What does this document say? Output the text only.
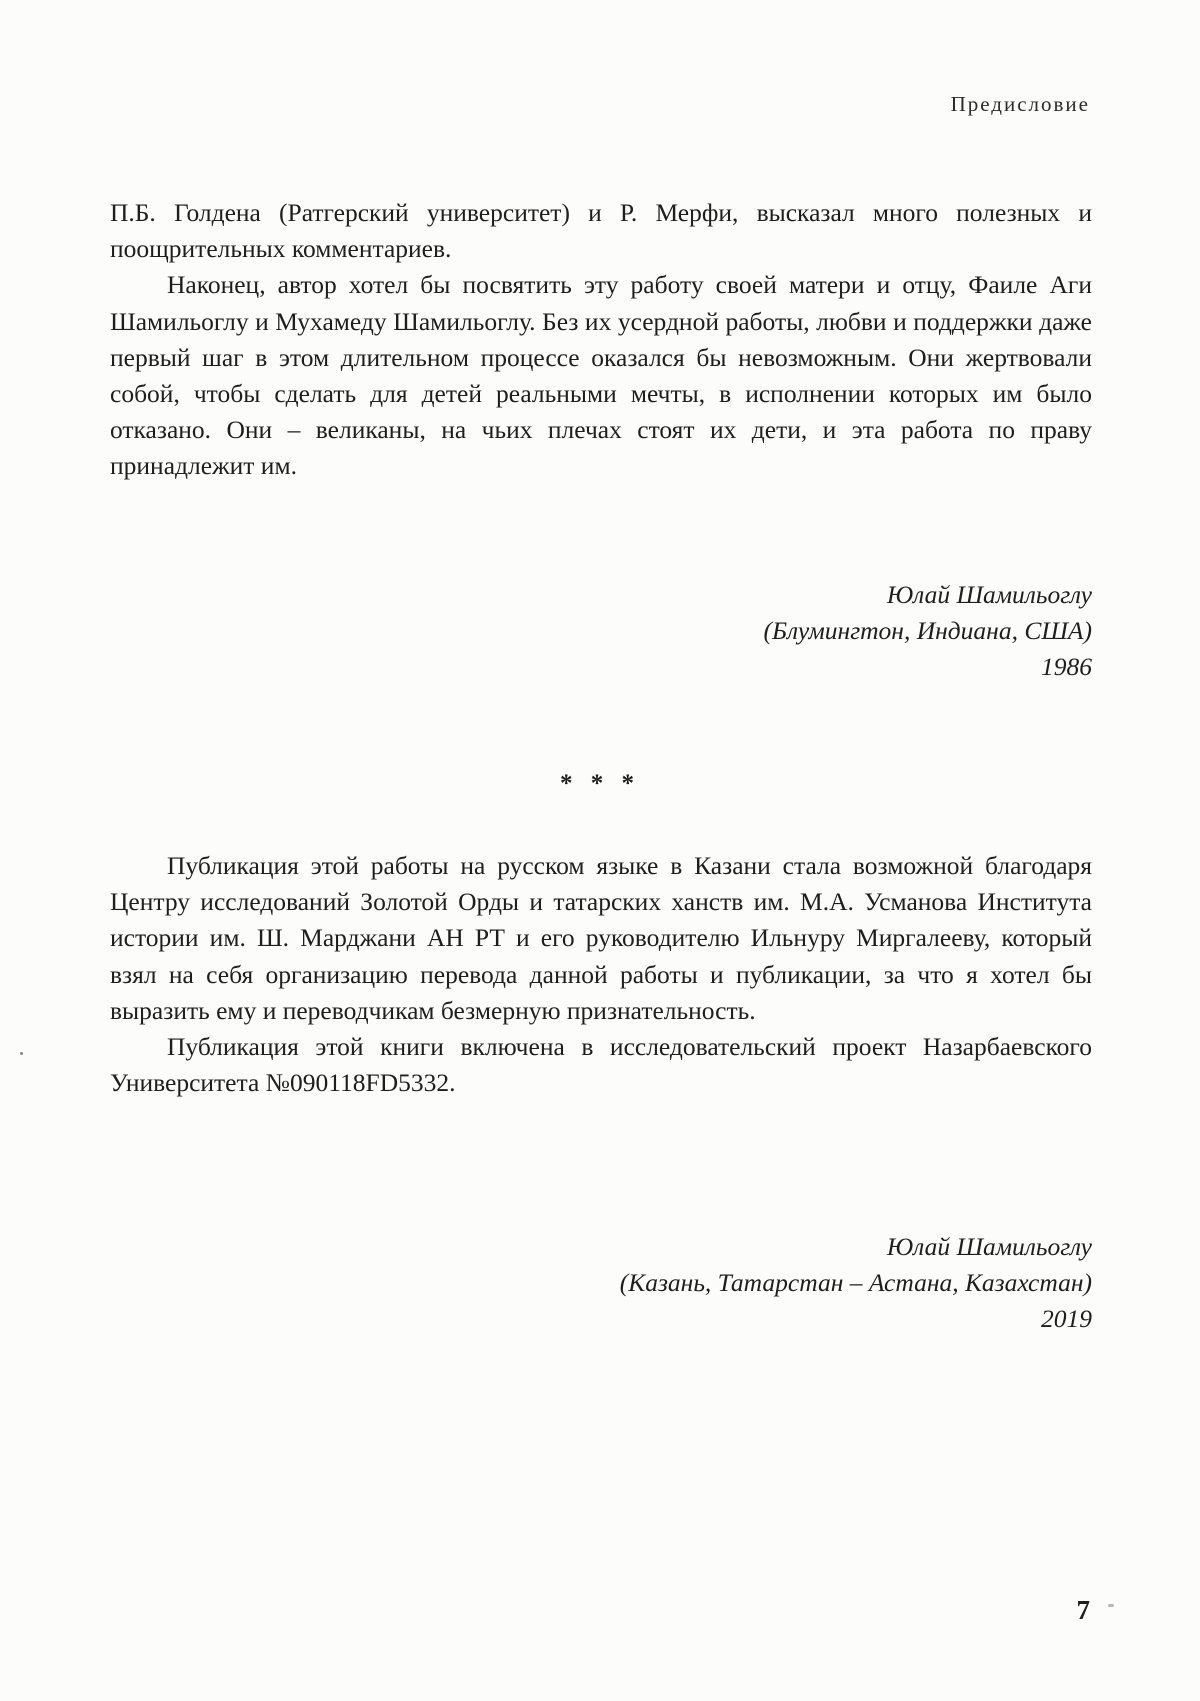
Предисловие

П.Б. Голдена (Ратгерский университет) и Р. Мерфи, высказал много полезных и поощрительных комментариев.

Наконец, автор хотел бы посвятить эту работу своей матери и отцу, Фаиле Аги Шамильоглу и Мухамеду Шамильоглу. Без их усердной работы, любви и поддержки даже первый шаг в этом длительном процессе оказался бы невозможным. Они жертвовали собой, чтобы сделать для детей реальными мечты, в исполнении которых им было отказано. Они – великаны, на чьих плечах стоят их дети, и эта работа по праву принадлежит им.

Юлай Шамильоглу
(Блумингтон, Индиана, США)
1986
* * *

Публикация этой работы на русском языке в Казани стала возможной благодаря Центру исследований Золотой Орды и татарских ханств им. М.А. Усманова Института истории им. Ш. Марджани АН РТ и его руководителю Ильнуру Миргалееву, который взял на себя организацию перевода данной работы и публикации, за что я хотел бы выразить ему и переводчикам безмерную признательность.

Публикация этой книги включена в исследовательский проект Назарбаевского Университета №090118FD5332.

Юлай Шамильоглу
(Казань, Татарстан – Астана, Казахстан)
2019
7
